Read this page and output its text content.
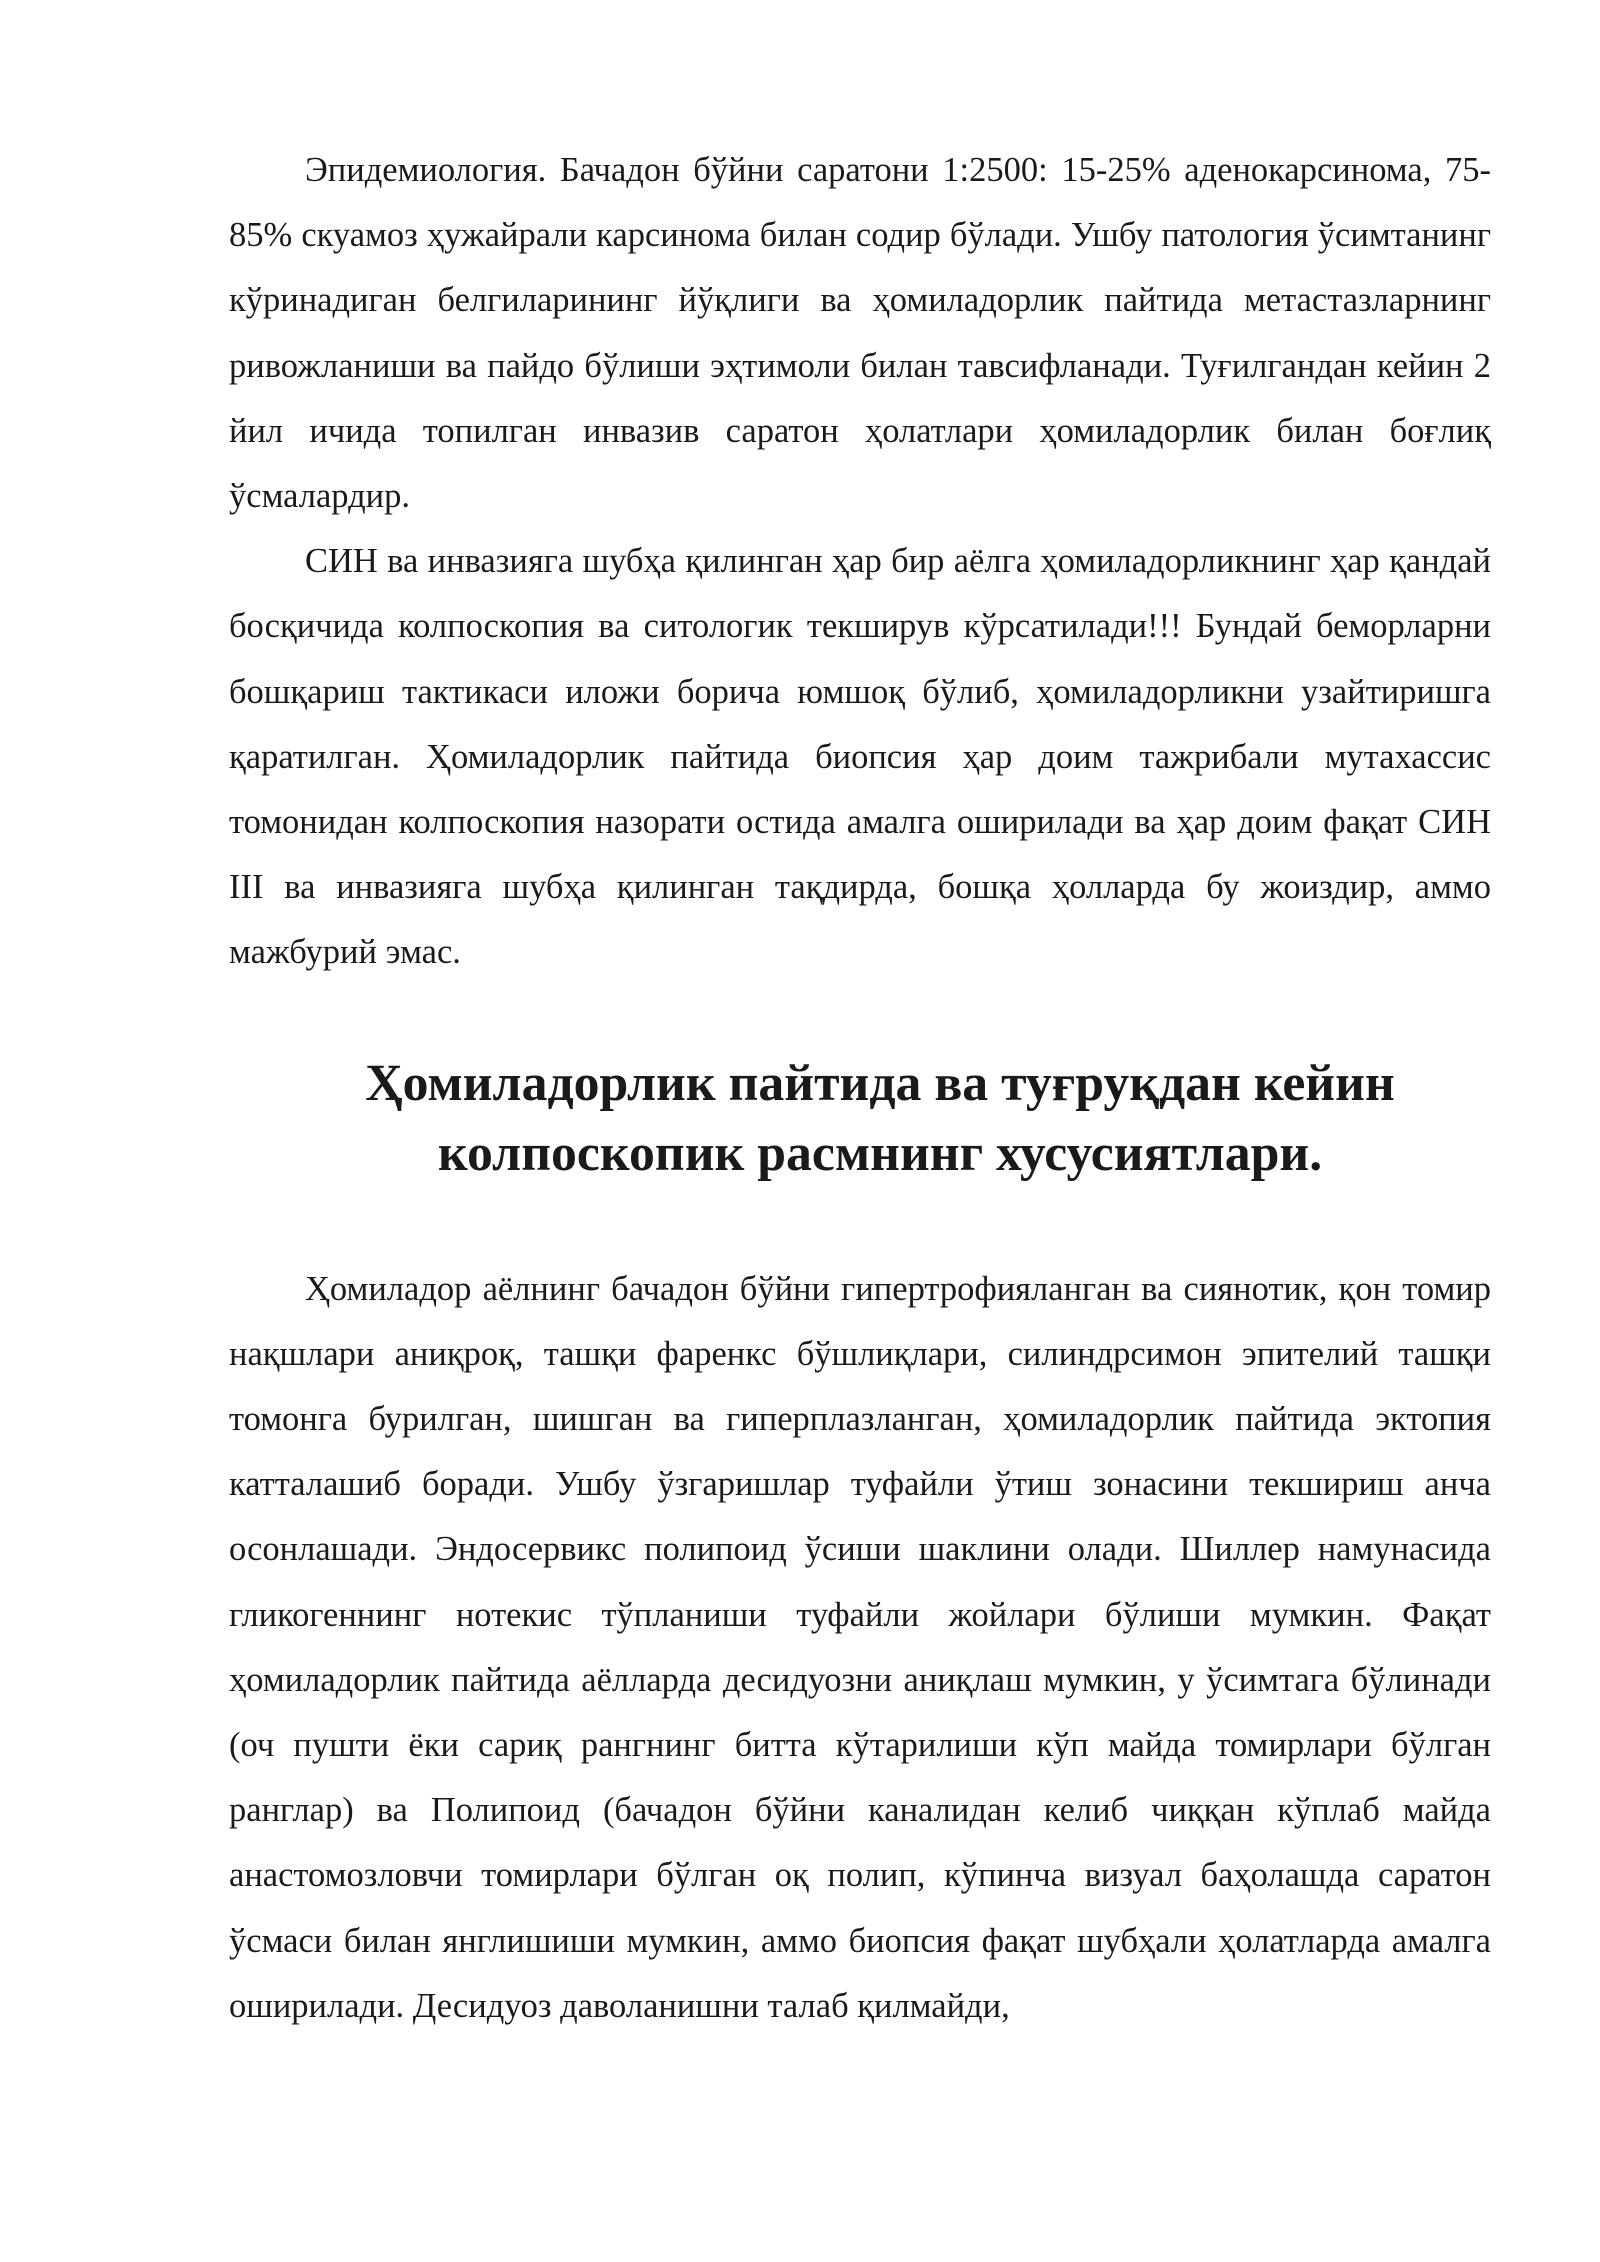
Эпидемиология. Бачадон бўйни саратони 1:2500: 15-25% аденокарсинома, 75-85% скуамоз ҳужайрали карсинома билан содир бўлади. Ушбу патология ўсимтанинг кўринадиган белгиларининг йўқлиги ва ҳомиладорлик пайтида метастазларнинг ривожланиши ва пайдо бўлиши эҳтимоли билан тавсифланади. Туғилгандан кейин 2 йил ичида топилган инвазив саратон ҳолатлари ҳомиладорлик билан боғлиқ ўсмалардир.

СИН ва инвазияга шубҳа қилинган ҳар бир аёлга ҳомиладорликнинг ҳар қандай босқичида колпоскопия ва ситологик текширув кўрсатилади!!! Бундай беморларни бошқариш тактикаси иложи борича юмшоқ бўлиб, ҳомиладорликни узайтиришга қаратилган. Ҳомиладорлик пайтида биопсия ҳар доим тажрибали мутахассис томонидан колпоскопия назорати остида амалга оширилади ва ҳар доим фақат СИН III ва инвазияга шубҳа қилинган тақдирда, бошқа ҳолларда бу жоиздир, аммо мажбурий эмас.

Ҳомиладорлик пайтида ва туғруқдан кейин колпоскопик расмнинг хусусиятлари.

Ҳомиладор аёлнинг бачадон бўйни гипертрофияланган ва сиянотик, қон томир нақшлари аниқроқ, ташқи фаренкс бўшлиқлари, силиндрсимон эпителий ташқи томонга бурилган, шишган ва гиперплазланган, ҳомиладорлик пайтида эктопия катталашиб боради. Ушбу ўзгаришлар туфайли ўтиш зонасини текшириш анча осонлашади. Эндосервикс полипоид ўсиши шаклини олади. Шиллер намунасида гликогеннинг нотекис тўпланиши туфайли жойлари бўлиши мумкин. Фақат ҳомиладорлик пайтида аёлларда десидуозни аниқлаш мумкин, у ўсимтага бўлинади (оч пушти ёки сариқ рангнинг битта кўтарилиши кўп майда томирлари бўлган ранглар) ва Полипоид (бачадон бўйни каналидан келиб чиққан кўплаб майда анастомозловчи томирлари бўлган оқ полип, кўпинча визуал баҳолашда саратон ўсмаси билан янглишиши мумкин, аммо биопсия фақат шубҳали ҳолатларда амалга оширилади. Десидуоз даволанишни талаб қилмайди,
